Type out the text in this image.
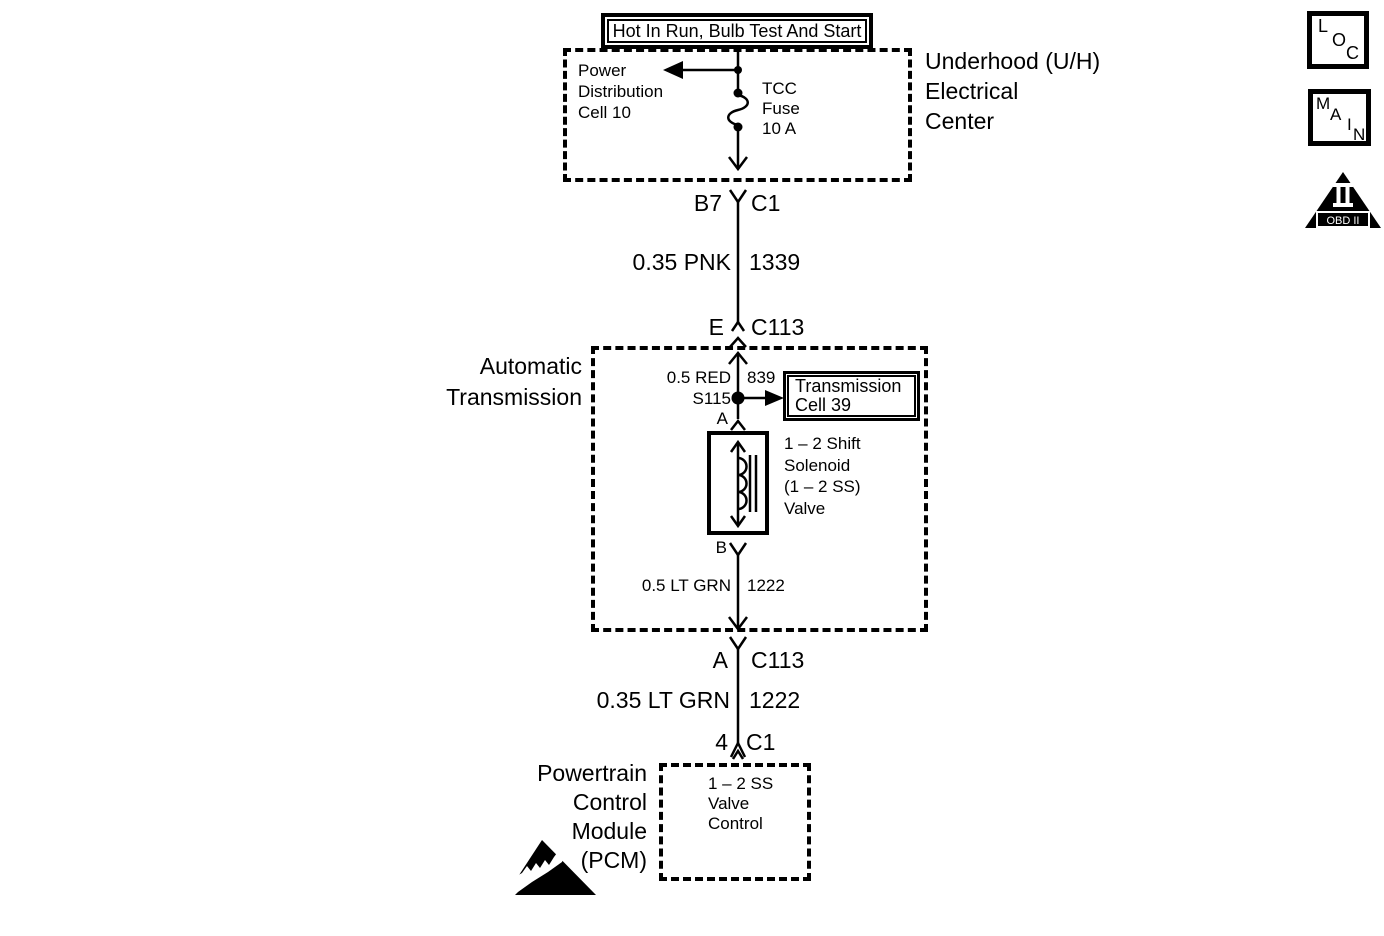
Hot In Run, Bulb Test And Start
Underhood (U/H)
Electrical
Center
Power
Distribution
Cell 10
TCC
Fuse
10 A
B7 C1
0.35 PNK 1339
E C113
Automatic
Transmission
0.5 RED 839
S115
A
Transmission
Cell 39
1 – 2 Shift
Solenoid
(1 – 2 SS)
Valve
B
0.5 LT GRN 1222
A C113
0.35 LT GRN 1222
4 C1
Powertrain
Control
Module
(PCM)
1 – 2 SS
Valve
Control
L
O
C
M
A
I
N
OBD II
